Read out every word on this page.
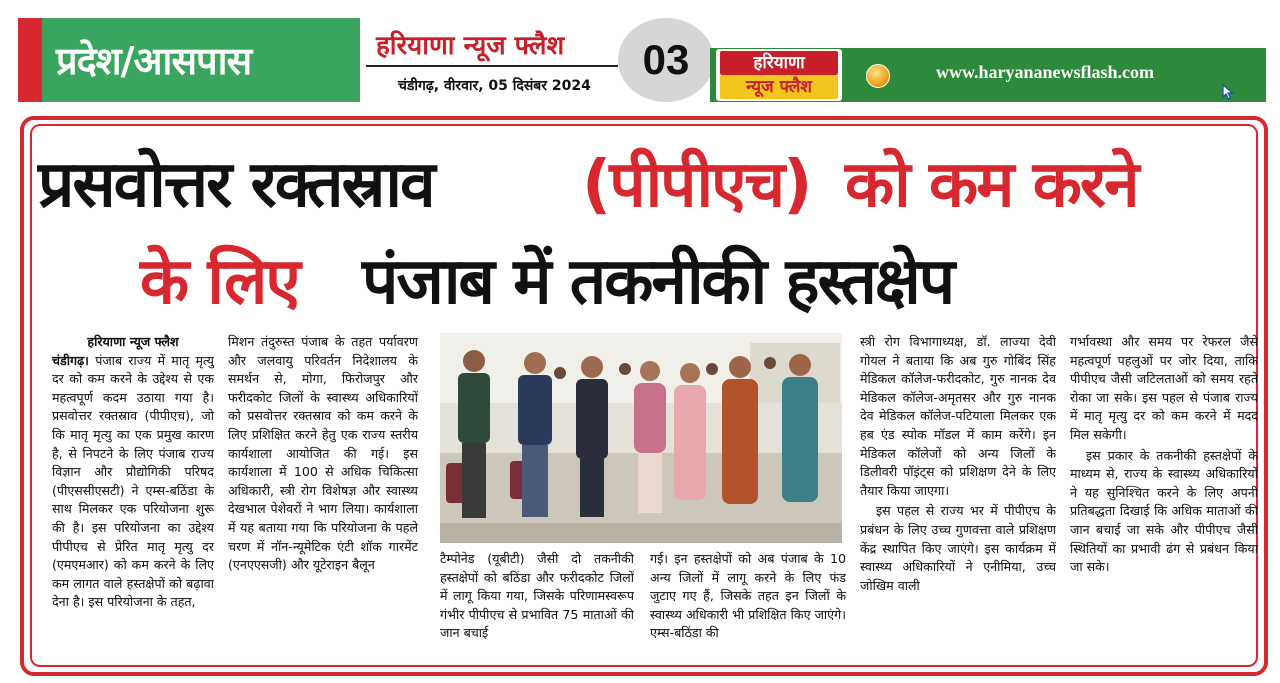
प्रदेश/आसपास	हरियाणा न्यूज फ्लैश
चंडीगढ़, वीरवार, 05 दिसंबर 2024
03	हरियाणा
न्यूज फ्लैश
www.haryananewsflash.com
प्रसवोत्तर रक्तस्राव (पीपीएच) को कम करने
के लिए पंजाब में तकनीकी हस्तक्षेप

हरियाणा न्यूज फ्लैश

चंडीगढ़। पंजाब राज्य में मातृ मृत्यु दर को कम करने के उद्देश्य से एक महत्वपूर्ण कदम उठाया गया है। प्रसवोत्तर रक्तस्राव (पीपीएच), जो कि मातृ मृत्यु का एक प्रमुख कारण है, से निपटने के लिए पंजाब राज्य विज्ञान और प्रौद्योगिकी परिषद (पीएससीएसटी) ने एम्स-बठिंडा के साथ मिलकर एक परियोजना शुरू की है। इस परियोजना का उद्देश्य पीपीएच से प्रेरित मातृ मृत्यु दर (एमएमआर) को कम करने के लिए कम लागत वाले हस्तक्षेपों को बढ़ावा देना है। इस परियोजना के तहत,

मिशन तंदुरुस्त पंजाब के तहत पर्यावरण और जलवायु परिवर्तन निदेशालय के समर्थन से, मोगा, फिरोजपुर और फरीदकोट जिलों के स्वास्थ्य अधिकारियों को प्रसवोत्तर रक्तस्राव को कम करने के लिए प्रशिक्षित करने हेतु एक राज्य स्तरीय कार्यशाला आयोजित की गई। इस कार्यशाला में 100 से अधिक चिकित्सा अधिकारी, स्त्री रोग विशेषज्ञ और स्वास्थ्य देखभाल पेशेवरों ने भाग लिया। कार्यशाला में यह बताया गया कि परियोजना के पहले चरण में नॉन-न्यूमेटिक एंटी शॉक गारमेंट (एनएएसजी) और यूटेराइन बैलून	टैम्पोनेड (यूबीटी) जैसी दो तकनीकी हस्तक्षेपों को बठिंडा और फरीदकोट जिलों में लागू किया गया, जिसके परिणामस्वरूप गंभीर पीपीएच से प्रभावित 75 माताओं की जान बचाई

गई। इन हस्तक्षेपों को अब पंजाब के 10 अन्य जिलों में लागू करने के लिए फंड जुटाए गए हैं, जिसके तहत इन जिलों के स्वास्थ्य अधिकारी भी प्रशिक्षित किए जाएंगे। एम्स-बठिंडा की

स्त्री रोग विभागाध्यक्ष, डॉ. लाज्या देवी गोयल ने बताया कि अब गुरु गोबिंद सिंह मेडिकल कॉलेज-फरीदकोट, गुरु नानक देव मेडिकल कॉलेज-अमृतसर और गुरु नानक देव मेडिकल कॉलेज-पटियाला मिलकर एक हब एंड स्पोक मॉडल में काम करेंगे। इन मेडिकल कॉलेजों को अन्य जिलों के डिलीवरी पॉइंट्स को प्रशिक्षण देने के लिए तैयार किया जाएगा।

इस पहल से राज्य भर में पीपीएच के प्रबंधन के लिए उच्च गुणवत्ता वाले प्रशिक्षण केंद्र स्थापित किए जाएंगे। इस कार्यक्रम में स्वास्थ्य अधिकारियों ने एनीमिया, उच्च जोखिम वाली

गर्भावस्था और समय पर रेफरल जैसे महत्वपूर्ण पहलुओं पर जोर दिया, ताकि पीपीएच जैसी जटिलताओं को समय रहते रोका जा सके। इस पहल से पंजाब राज्य में मातृ मृत्यु दर को कम करने में मदद मिल सकेगी।

इस प्रकार के तकनीकी हस्तक्षेपों के माध्यम से, राज्य के स्वास्थ्य अधिकारियों ने यह सुनिश्चित करने के लिए अपनी प्रतिबद्धता दिखाई कि अधिक माताओं की जान बचाई जा सके और पीपीएच जैसी स्थितियों का प्रभावी ढंग से प्रबंधन किया जा सके।
